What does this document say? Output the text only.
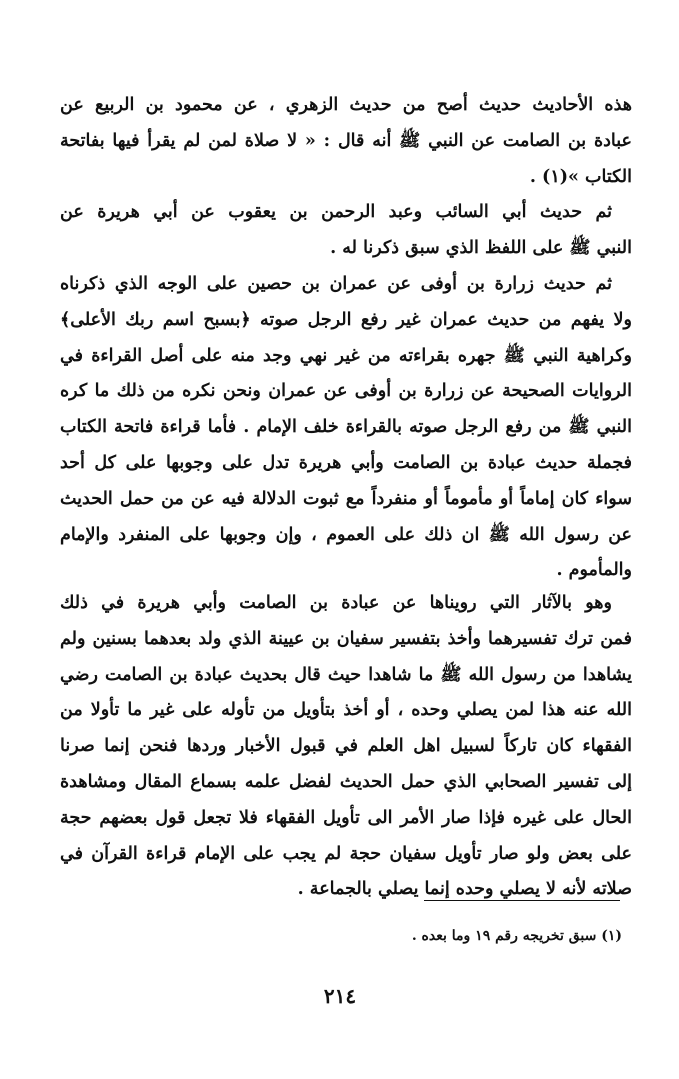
هذه الأحاديث حديث أصح من حديث الزهري ، عن محمود بن الربيع عن
عبادة بن الصامت عن النبي ﷺ أنه قال : « لا صلاة لمن لم يقرأ فيها بفاتحة
الكتاب »(١) .
ثم حديث أبي السائب وعبد الرحمن بن يعقوب عن أبي هريرة عن
النبي ﷺ على اللفظ الذي سبق ذكرنا له .
ثم حديث زرارة بن أوفى عن عمران بن حصين على الوجه الذي ذكرناه
ولا يفهم من حديث عمران غير رفع الرجل صوته ﴿بسبح اسم ربك الأعلى﴾
وكراهية النبي ﷺ جهره بقراءته من غير نهي وجد منه على أصل القراءة في
الروايات الصحيحة عن زرارة بن أوفى عن عمران ونحن نكره من ذلك ما كره
النبي ﷺ من رفع الرجل صوته بالقراءة خلف الإمام . فأما قراءة فاتحة الكتاب
فجملة حديث عبادة بن الصامت وأبي هريرة تدل على وجوبها على كل أحد
سواء كان إماماً أو مأموماً أو منفرداً مع ثبوت الدلالة فيه عن من حمل الحديث
عن رسول الله ﷺ ان ذلك على العموم ، وإن وجوبها على المنفرد والإمام
والمأموم .
وهو بالآثار التي رويناها عن عبادة بن الصامت وأبي هريرة في ذلك
فمن ترك تفسيرهما وأخذ بتفسير سفيان بن عيينة الذي ولد بعدهما بسنين ولم
يشاهدا من رسول الله ﷺ ما شاهدا حيث قال بحديث عبادة بن الصامت رضي
الله عنه هذا لمن يصلي وحده ، أو أخذ بتأويل من تأوله على غير ما تأولا من
الفقهاء كان تاركاً لسبيل اهل العلم في قبول الأخبار وردها فنحن إنما صرنا
إلى تفسير الصحابي الذي حمل الحديث لفضل علمه بسماع المقال ومشاهدة
الحال على غيره فإذا صار الأمر الى تأويل الفقهاء فلا تجعل قول بعضهم حجة
على بعض ولو صار تأويل سفيان حجة لم يجب على الإمام قراءة القرآن في
صلاته لأنه لا يصلي وحده إنما يصلي بالجماعة .
(١) سبق تخريجه رقم ١٩ وما بعده .
٢١٤
